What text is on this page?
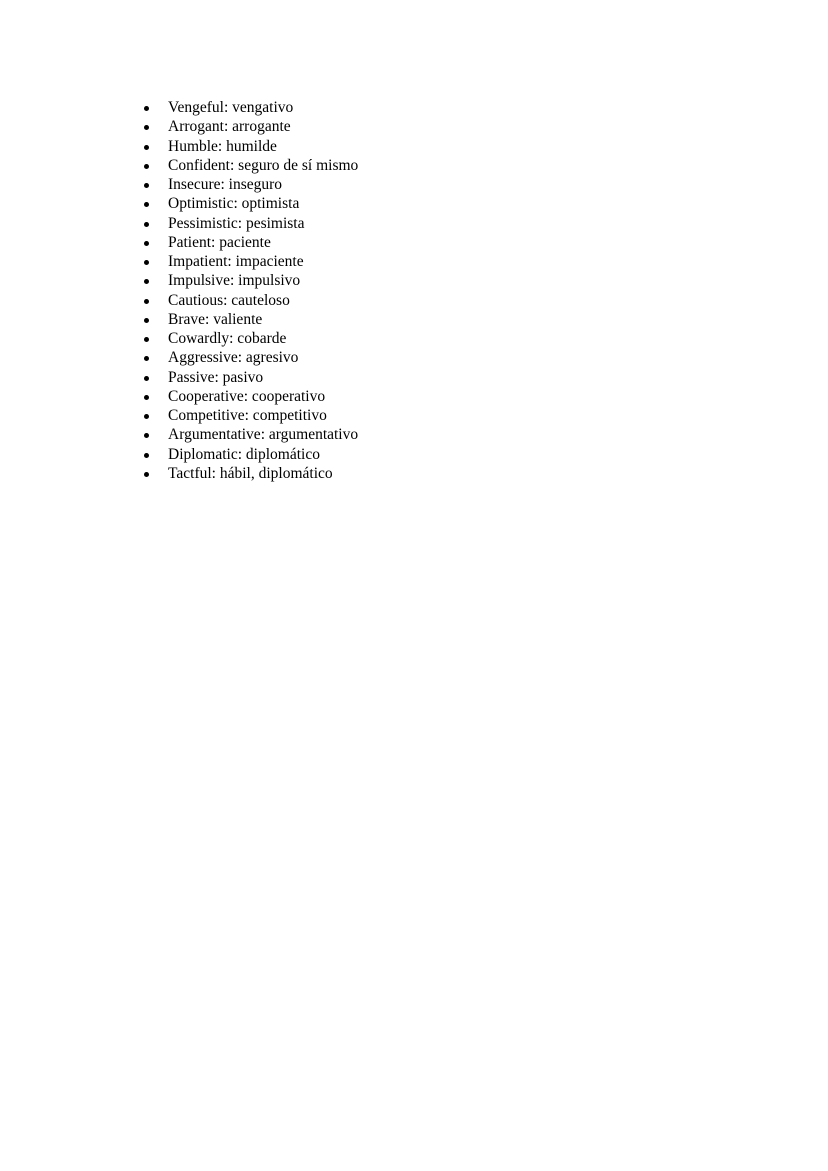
Vengeful: vengativo
Arrogant: arrogante
Humble: humilde
Confident: seguro de sí mismo
Insecure: inseguro
Optimistic: optimista
Pessimistic: pesimista
Patient: paciente
Impatient: impaciente
Impulsive: impulsivo
Cautious: cauteloso
Brave: valiente
Cowardly: cobarde
Aggressive: agresivo
Passive: pasivo
Cooperative: cooperativo
Competitive: competitivo
Argumentative: argumentativo
Diplomatic: diplomático
Tactful: hábil, diplomático
